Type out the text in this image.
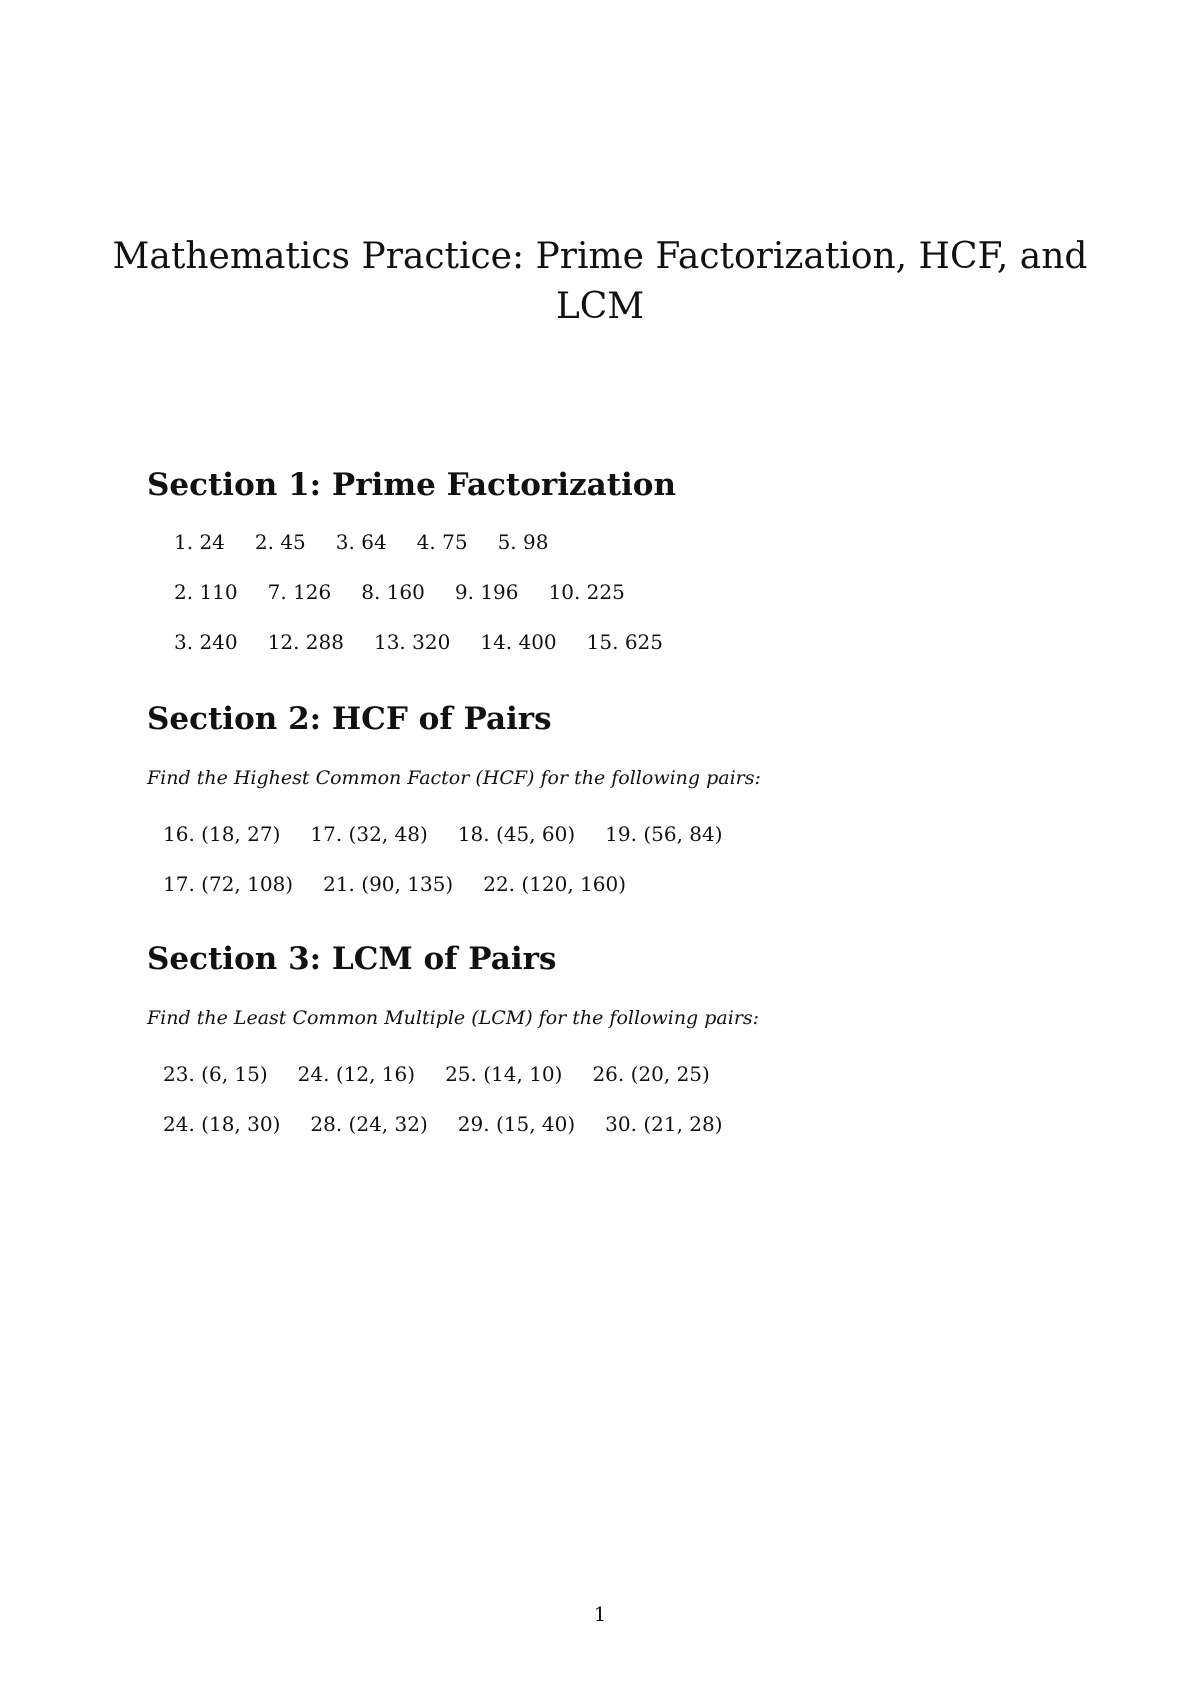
Mathematics Practice: Prime Factorization, HCF, and LCM
Section 1: Prime Factorization
1. 24 2. 45 3. 64 4. 75 5. 98
2. 110 7. 126 8. 160 9. 196 10. 225
3. 240 12. 288 13. 320 14. 400 15. 625
Section 2: HCF of Pairs

Find the Highest Common Factor (HCF) for the following pairs:

16. (18, 27) 17. (32, 48) 18. (45, 60) 19. (56, 84)
17. (72, 108) 21. (90, 135) 22. (120, 160)
Section 3: LCM of Pairs

Find the Least Common Multiple (LCM) for the following pairs:

23. (6, 15) 24. (12, 16) 25. (14, 10) 26. (20, 25)
24. (18, 30) 28. (24, 32) 29. (15, 40) 30. (21, 28)
1
